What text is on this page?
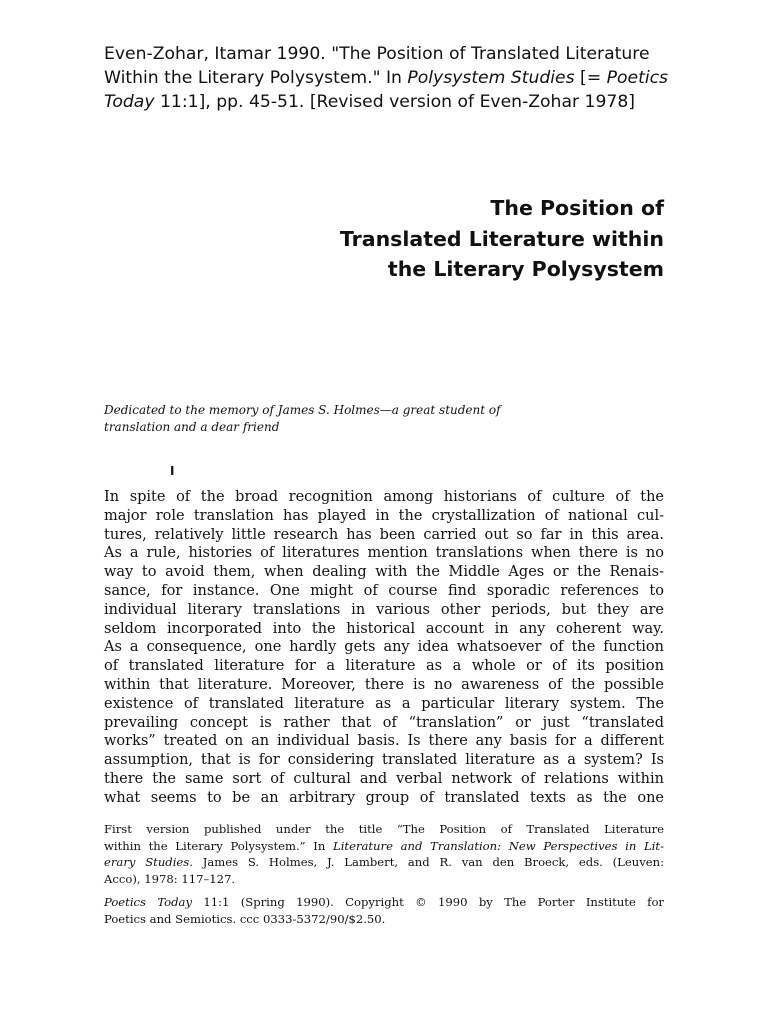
Even-Zohar, Itamar 1990. "The Position of Translated Literature Within the Literary Polysystem." In Polysystem Studies [= Poetics Today 11:1], pp. 45-51. [Revised version of Even-Zohar 1978]
The Position of
Translated Literature within
the Literary Polysystem
Dedicated to the memory of James S. Holmes—a great student of
translation and a dear friend
I
In spite of the broad recognition among historians of culture of the
major role translation has played in the crystallization of national cul-
tures, relatively little research has been carried out so far in this area.
As a rule, histories of literatures mention translations when there is no
way to avoid them, when dealing with the Middle Ages or the Renais-
sance, for instance. One might of course find sporadic references to
individual literary translations in various other periods, but they are
seldom incorporated into the historical account in any coherent way.
As a consequence, one hardly gets any idea whatsoever of the function
of translated literature for a literature as a whole or of its position
within that literature. Moreover, there is no awareness of the possible
existence of translated literature as a particular literary system. The
prevailing concept is rather that of “translation” or just “translated
works” treated on an individual basis. Is there any basis for a different
assumption, that is for considering translated literature as a system? Is
there the same sort of cultural and verbal network of relations within
what seems to be an arbitrary group of translated texts as the one
First version published under the title “The Position of Translated Literature
within the Literary Polysystem.” In Literature and Translation: New Perspectives in Lit-
erary Studies. James S. Holmes, J. Lambert, and R. van den Broeck, eds. (Leuven:
Acco), 1978: 117–127.
Poetics Today 11:1 (Spring 1990). Copyright © 1990 by The Porter Institute for
Poetics and Semiotics. ccc 0333-5372/90/$2.50.
